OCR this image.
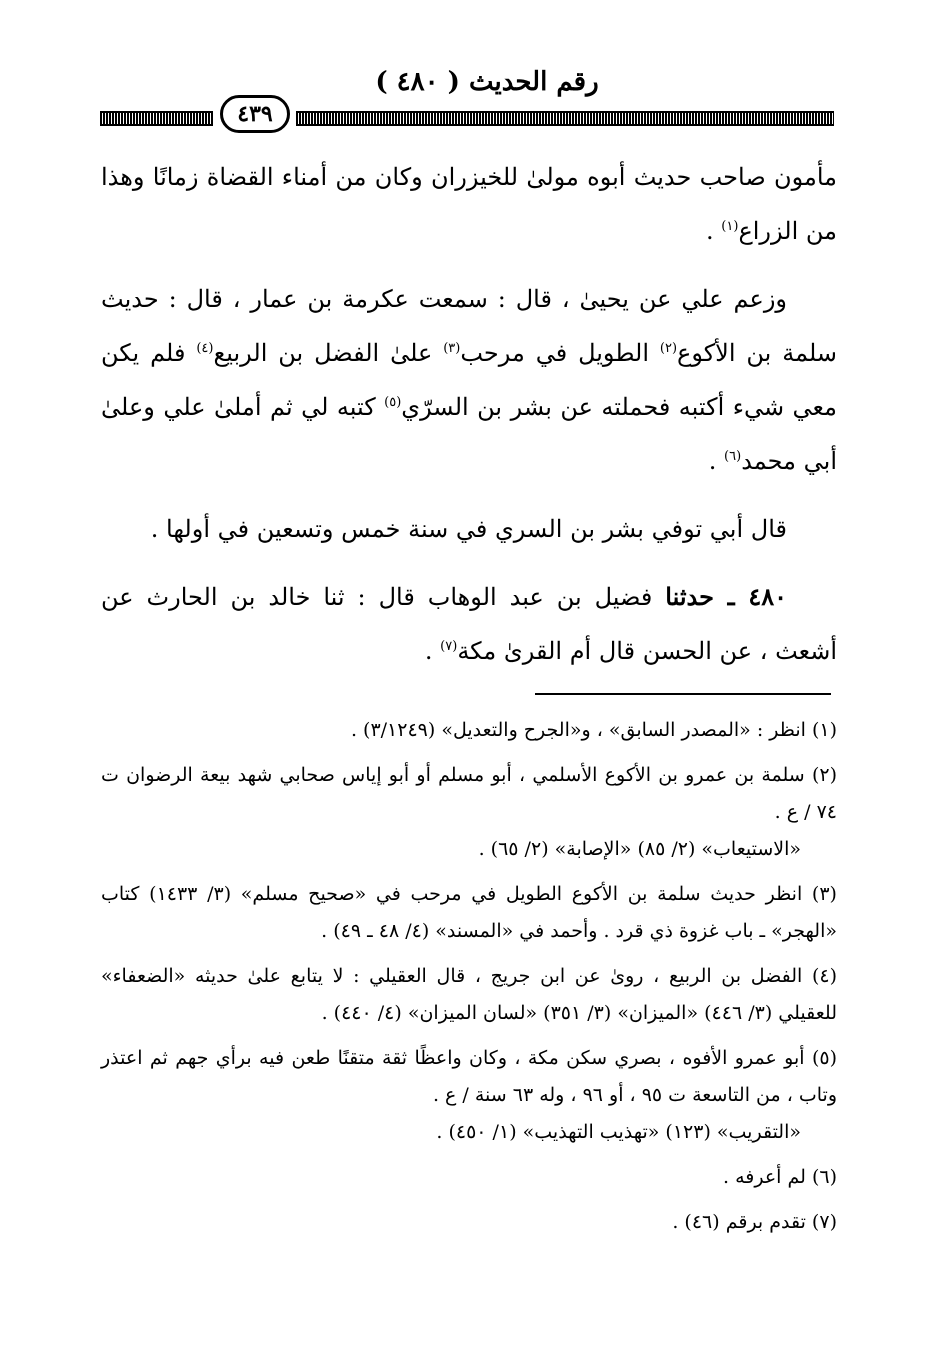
رقم الحديث ( ٤٨٠ )
٤٣٩

مأمون صاحب حديث أبوه مولىٰ للخيزران وكان من أمناء القضاة زمانًا وهذا من الزراع$^{(١)}$ .

وزعم علي عن يحيىٰ ، قال : سمعت عكرمة بن عمار ، قال : حديث سلمة بن الأكوع$^{(٢)}$ الطويل في مرحب$^{(٣)}$ علىٰ الفضل بن الربيع$^{(٤)}$ فلم يكن معي شيء أكتبه فحملته عن بشر بن السرّي$^{(٥)}$ كتبه لي ثم أملىٰ علي وعلىٰ أبي محمد$^{(٦)}$ .

قال أبي توفي بشر بن السري في سنة خمس وتسعين في أولها .

٤٨٠ ـ حدثنا فضيل بن عبد الوهاب قال : ثنا خالد بن الحارث عن أشعث ، عن الحسن قال أم القرىٰ مكة$^{(٧)}$ .

(١) انظر : «المصدر السابق» ، و«الجرح والتعديل» (٣/١٢٤٩) .
(٢) سلمة بن عمرو بن الأكوع الأسلمي ، أبو مسلم أو أبو إياس صحابي شهد بيعة الرضوان ت ٧٤ / ع .
«الاستيعاب» (٢/ ٨٥) «الإصابة» (٢/ ٦٥) .
(٣) انظر حديث سلمة بن الأكوع الطويل في مرحب في «صحيح مسلم» (٣/ ١٤٣٣) كتاب «الهجر» ـ باب غزوة ذي قرد . وأحمد في «المسند» (٤/ ٤٨ ـ ٤٩) .
(٤) الفضل بن الربيع ، روىٰ عن ابن جريج ، قال العقيلي : لا يتابع علىٰ حديثه «الضعفاء» للعقيلي (٣/ ٤٤٦) «الميزان» (٣/ ٣٥١) «لسان الميزان» (٤/ ٤٤٠) .
(٥) أبو عمرو الأفوه ، بصري سكن مكة ، وكان واعظًا ثقة متقنًا طعن فيه برأي جهم ثم اعتذر وتاب ، من التاسعة ت ٩٥ ، أو ٩٦ ، وله ٦٣ سنة / ع .
«التقريب» (١٢٣) «تهذيب التهذيب» (١/ ٤٥٠) .
(٦) لم أعرفه .
(٧) تقدم برقم (٤٦) .
